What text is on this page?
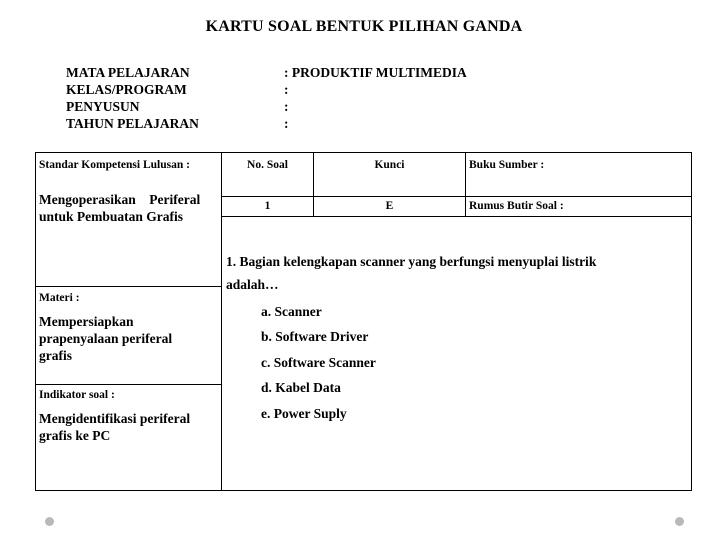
KARTU SOAL BENTUK PILIHAN GANDA
MATA PELAJARAN	: PRODUKTIF MULTIMEDIA
KELAS/PROGRAM	:
PENYUSUN	:
TAHUN PELAJARAN	:
Standar Kompetensi Lulusan :
Mengoperasikan    Periferal
untuk Pembuatan Grafis
Materi :
Mempersiapkan
prapenyalaan periferal
grafis
Indikator soal :
Mengidentifikasi periferal
grafis ke PC
No. Soal	Kunci	Buku Sumber :
1	E	Rumus Butir Soal :
1. Bagian kelengkapan scanner yang berfungsi menyuplai listrik
adalah…
a. Scanner
b. Software Driver
c. Software Scanner
d. Kabel Data
e. Power Suply
